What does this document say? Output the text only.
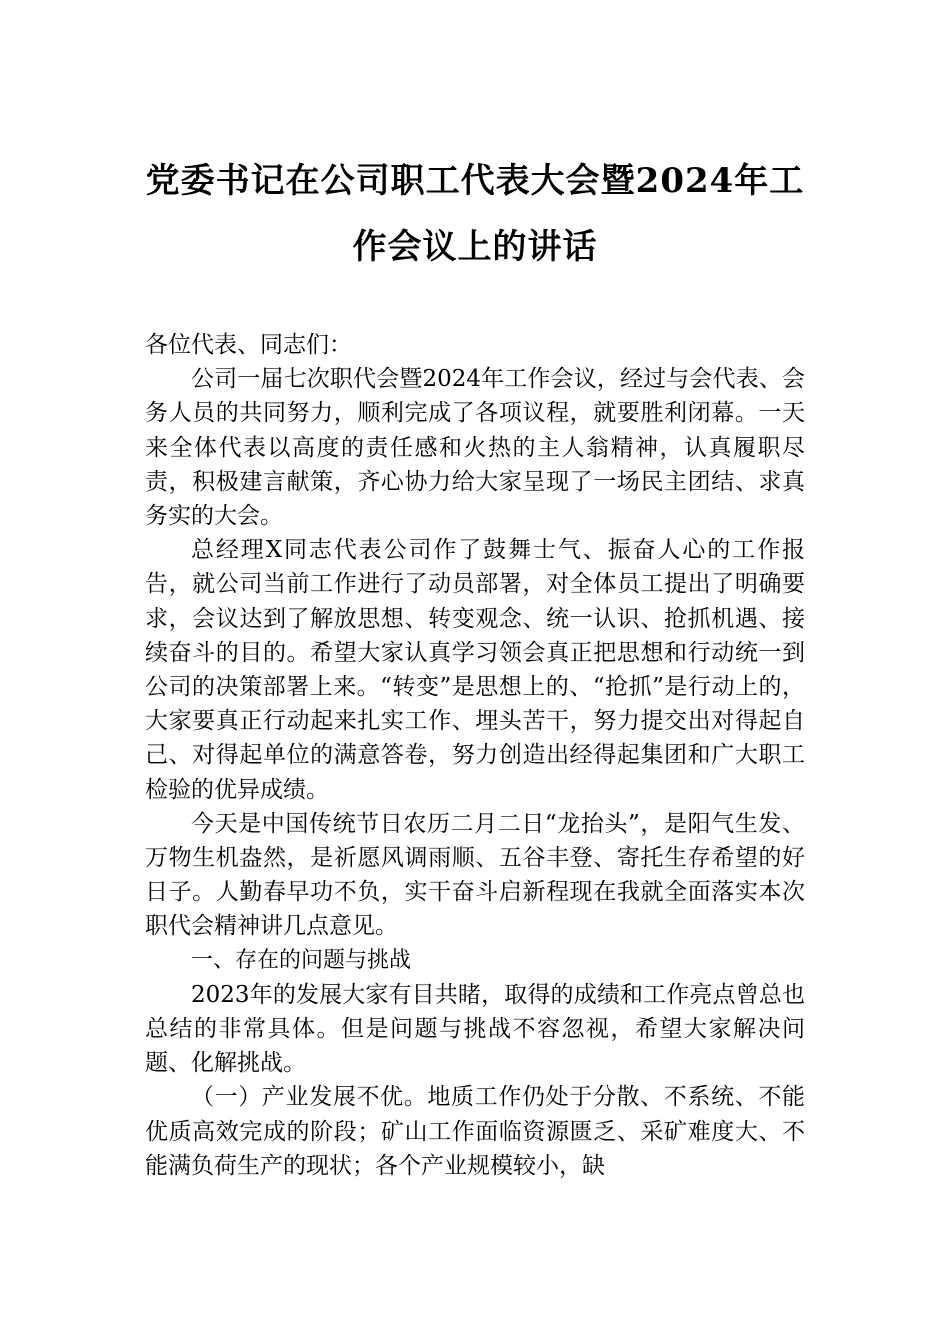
党委书记在公司职工代表大会暨2024年工
作会议上的讲话

各位代表、同志们：

公司一届七次职代会暨2024年工作会议，经过与会代表、会务人员的共同努力，顺利完成了各项议程，就要胜利闭幕。一天来全体代表以高度的责任感和火热的主人翁精神，认真履职尽责，积极建言献策，齐心协力给大家呈现了一场民主团结、求真务实的大会。

总经理X同志代表公司作了鼓舞士气、振奋人心的工作报告，就公司当前工作进行了动员部署，对全体员工提出了明确要求，会议达到了解放思想、转变观念、统一认识、抢抓机遇、接续奋斗的目的。希望大家认真学习领会真正把思想和行动统一到公司的决策部署上来。“转变”是思想上的、“抢抓”是行动上的，大家要真正行动起来扎实工作、埋头苦干，努力提交出对得起自己、对得起单位的满意答卷，努力创造出经得起集团和广大职工检验的优异成绩。

今天是中国传统节日农历二月二日“龙抬头”，是阳气生发、万物生机盎然，是祈愿风调雨顺、五谷丰登、寄托生存希望的好日子。人勤春早功不负，实干奋斗启新程现在我就全面落实本次职代会精神讲几点意见。

一、存在的问题与挑战

2023年的发展大家有目共睹，取得的成绩和工作亮点曾总也总结的非常具体。但是问题与挑战不容忽视，希望大家解决问题、化解挑战。

（一）产业发展不优。地质工作仍处于分散、不系统、不能优质高效完成的阶段；矿山工作面临资源匮乏、采矿难度大、不能满负荷生产的现状；各个产业规模较小，缺
